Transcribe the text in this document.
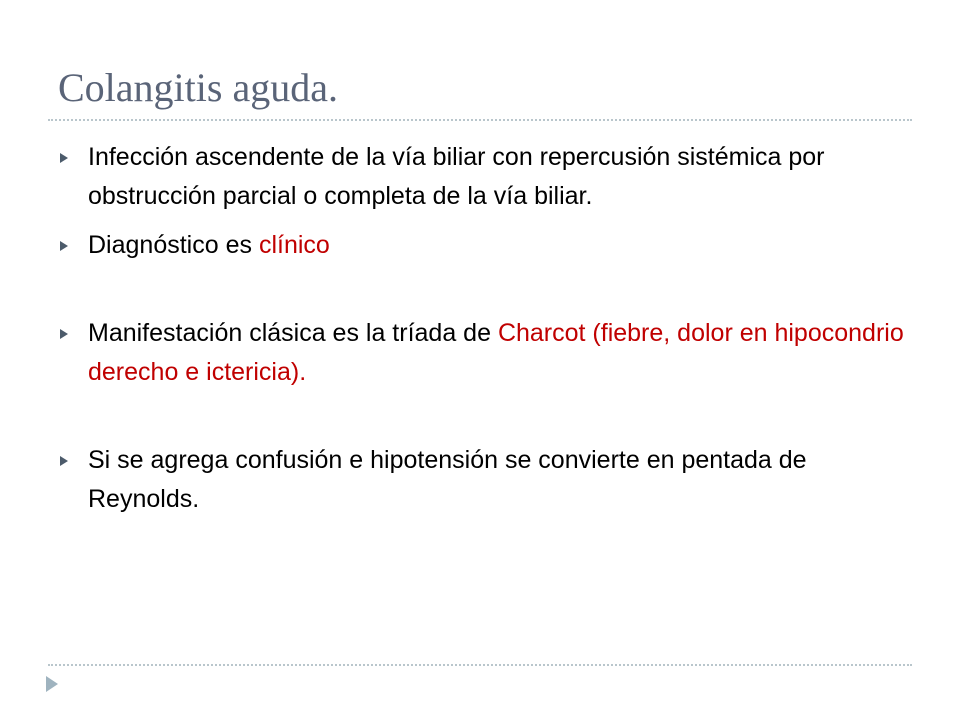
Colangitis aguda.
Infección ascendente de la vía biliar con repercusión sistémica por obstrucción parcial o completa de la vía biliar.
Diagnóstico es clínico
Manifestación clásica es la tríada de Charcot (fiebre, dolor en hipocondrio derecho e ictericia).
Si se agrega confusión e hipotensión se convierte en pentada de Reynolds.
